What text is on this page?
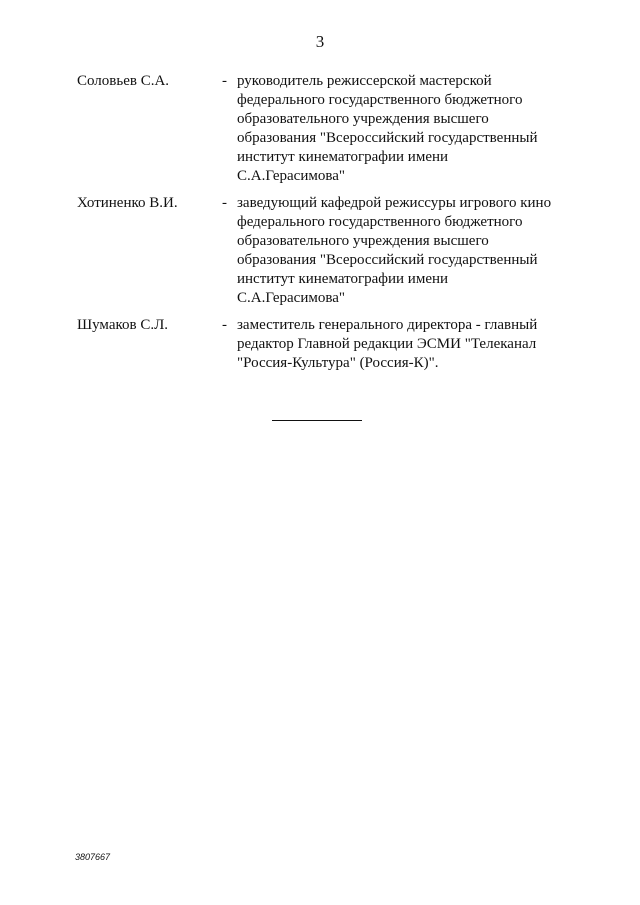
3
Соловьев С.А.	- руководитель режиссерской мастерской
федерального государственного бюджетного
образовательного учреждения высшего
образования "Всероссийский государственный
институт кинематографии имени
С.А.Герасимова"
Хотиненко В.И.	- заведующий кафедрой режиссуры игрового кино
федерального государственного бюджетного
образовательного учреждения высшего
образования "Всероссийский государственный
институт кинематографии имени
С.А.Герасимова"
Шумаков С.Л.	- заместитель генерального директора - главный
редактор Главной редакции ЭСМИ "Телеканал
"Россия-Культура" (Россия-К)".
3807667
